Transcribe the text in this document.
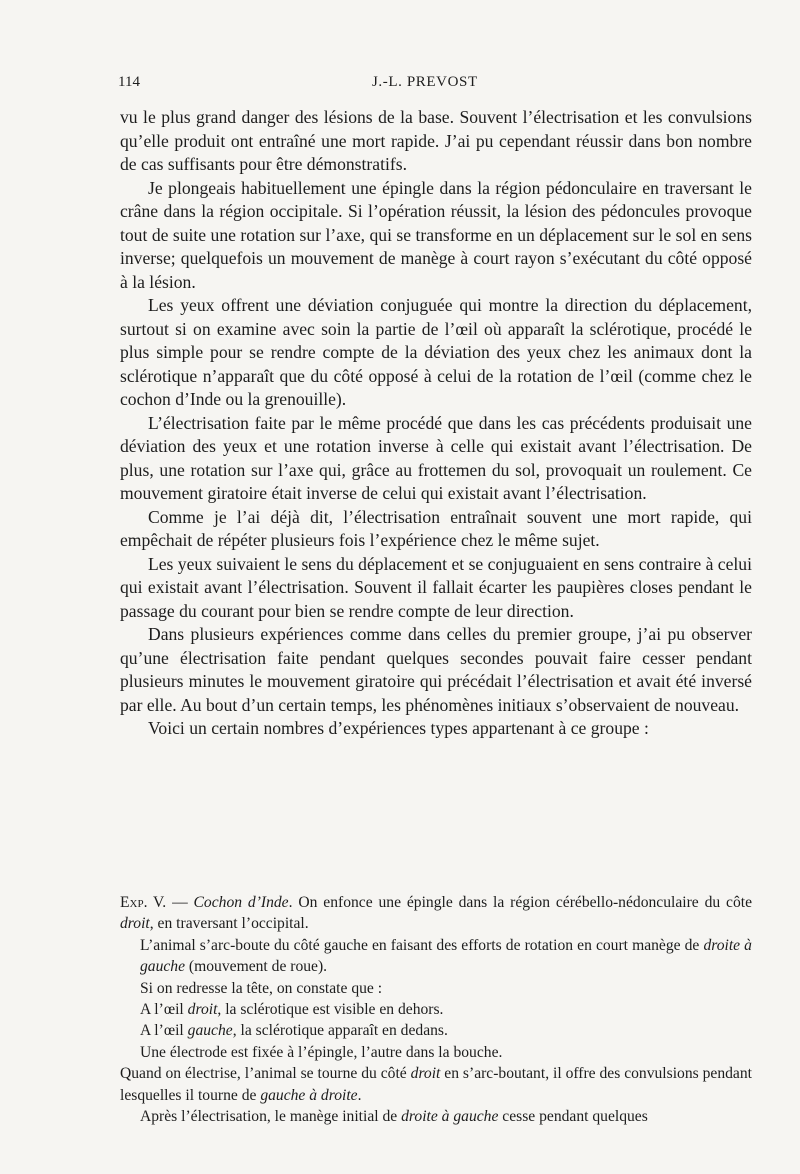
114	J.-L. PREVOST

vu le plus grand danger des lésions de la base. Souvent l’électrisation et les convulsions qu’elle produit ont entraîné une mort rapide. J’ai pu cependant réussir dans bon nombre de cas suffisants pour être démonstratifs.

Je plongeais habituellement une épingle dans la région pédonculaire en traversant le crâne dans la région occipitale. Si l’opération réussit, la lésion des pédoncules provoque tout de suite une rotation sur l’axe, qui se transforme en un déplacement sur le sol en sens inverse; quelquefois un mouvement de manège à court rayon s’exécutant du côté opposé à la lésion.

Les yeux offrent une déviation conjuguée qui montre la direction du déplacement, surtout si on examine avec soin la partie de l’œil où apparaît la sclérotique, procédé le plus simple pour se rendre compte de la déviation des yeux chez les animaux dont la sclérotique n’apparaît que du côté opposé à celui de la rotation de l’œil (comme chez le cochon d’Inde ou la grenouille).

L’électrisation faite par le même procédé que dans les cas précédents produisait une déviation des yeux et une rotation inverse à celle qui existait avant l’électrisation. De plus, une rotation sur l’axe qui, grâce au frottemen du sol, provoquait un roulement. Ce mouvement giratoire était inverse de celui qui existait avant l’électrisation.

Comme je l’ai déjà dit, l’électrisation entraînait souvent une mort rapide, qui empêchait de répéter plusieurs fois l’expérience chez le même sujet.

Les yeux suivaient le sens du déplacement et se conjuguaient en sens contraire à celui qui existait avant l’électrisation. Souvent il fallait écarter les paupières closes pendant le passage du courant pour bien se rendre compte de leur direction.

Dans plusieurs expériences comme dans celles du premier groupe, j’ai pu observer qu’une électrisation faite pendant quelques secondes pouvait faire cesser pendant plusieurs minutes le mouvement giratoire qui précédait l’électrisation et avait été inversé par elle. Au bout d’un certain temps, les phénomènes initiaux s’observaient de nouveau.

Voici un certain nombres d’expériences types appartenant à ce groupe :

Exp. V. — Cochon d’Inde. On enfonce une épingle dans la région cérébello-nédonculaire du côte droit, en traversant l’occipital.

L’animal s’arc-boute du côté gauche en faisant des efforts de rotation en court manège de droite à gauche (mouvement de roue).

Si on redresse la tête, on constate que :

A l’œil droit, la sclérotique est visible en dehors.

A l’œil gauche, la sclérotique apparaît en dedans.

Une électrode est fixée à l’épingle, l’autre dans la bouche.

Quand on électrise, l’animal se tourne du côté droit en s’arc-boutant, il offre des convulsions pendant lesquelles il tourne de gauche à droite.

Après l’électrisation, le manège initial de droite à gauche cesse pendant quelques
